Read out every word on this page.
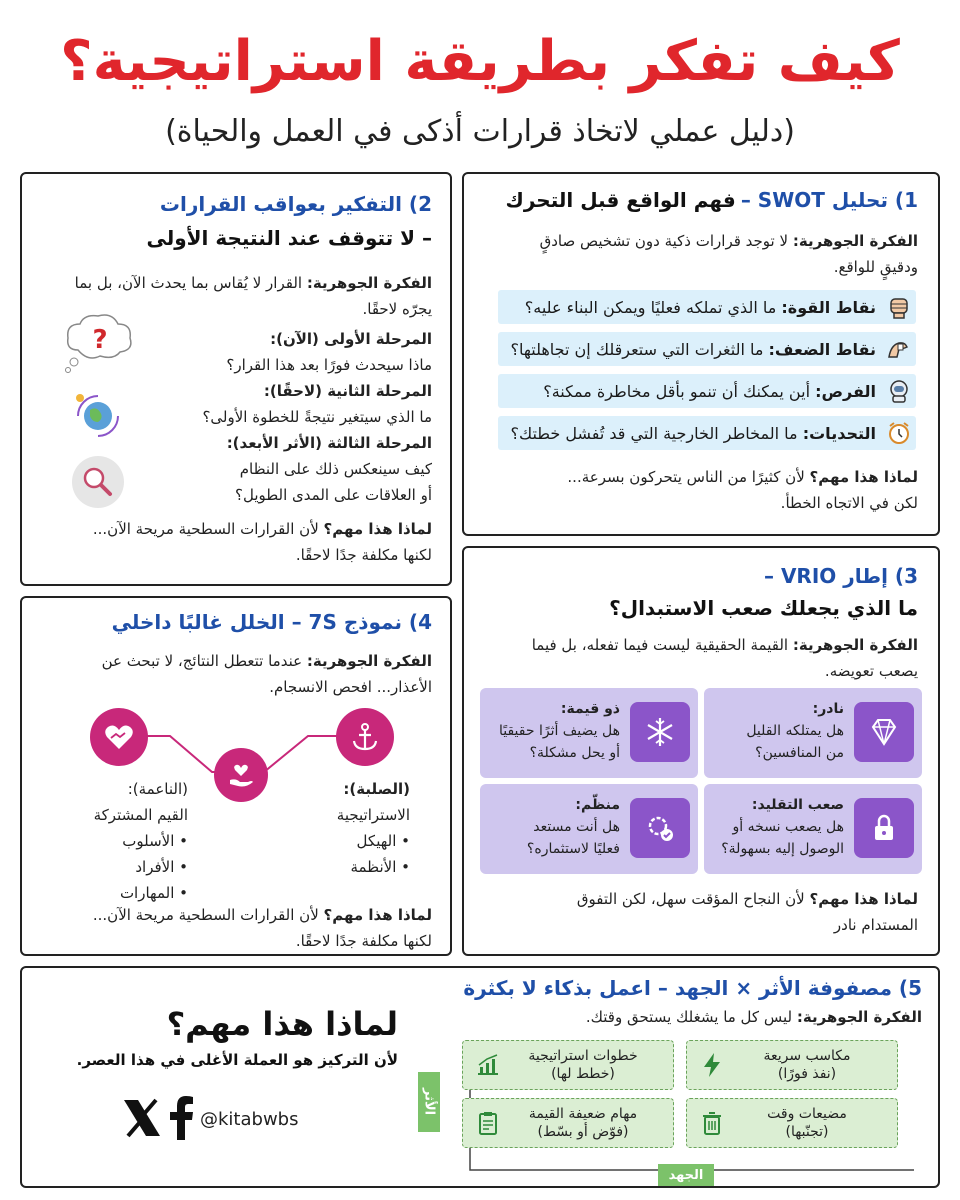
كيف تفكر بطريقة استراتيجية؟
(دليل عملي لاتخاذ قرارات أذكى في العمل والحياة)
1) تحليل SWOT – فهم الواقع قبل التحرك
الفكرة الجوهرية: لا توجد قرارات ذكية دون تشخيص صادقٍ
ودقيقٍ للواقع.
نقاط القوة: ما الذي تملكه فعليًا ويمكن البناء عليه؟
نقاط الضعف: ما الثغرات التي ستعرقلك إن تجاهلتها؟
الفرص: أين يمكنك أن تنمو بأقل مخاطرة ممكنة؟
التحديات: ما المخاطر الخارجية التي قد تُفشل خطتك؟
لماذا هذا مهم؟ لأن كثيرًا من الناس يتحركون بسرعة...
لكن في الاتجاه الخطأ.
2) التفكير بعواقب القرارات
– لا تتوقف عند النتيجة الأولى
الفكرة الجوهرية: القرار لا يُقاس بما يحدث الآن، بل بما
يجرّه لاحقًا.
المرحلة الأولى (الآن):
ماذا سيحدث فورًا بعد هذا القرار؟
المرحلة الثانية (لاحقًا):
ما الذي سيتغير نتيجةً للخطوة الأولى؟
المرحلة الثالثة (الأثر الأبعد):
كيف سينعكس ذلك على النظام
أو العلاقات على المدى الطويل؟
?
لماذا هذا مهم؟ لأن القرارات السطحية مريحة الآن...
لكنها مكلفة جدًا لاحقًا.
3) إطار VRIO –
ما الذي يجعلك صعب الاستبدال؟
الفكرة الجوهرية: القيمة الحقيقية ليست فيما تفعله، بل فيما
يصعب تعويضه.
نادر:
هل يمتلكه القليل
من المنافسين؟
ذو قيمة:
هل يضيف أثرًا حقيقيًا
أو يحل مشكلة؟
صعب التقليد:
هل يصعب نسخه أو
الوصول إليه بسهولة؟
منظّم:
هل أنت مستعد
فعليًا لاستثماره؟
لماذا هذا مهم؟ لأن النجاح المؤقت سهل، لكن التفوق
المستدام نادر
4) نموذج 7S – الخلل غالبًا داخلي
الفكرة الجوهرية: عندما تتعطل النتائج، لا تبحث عن
الأعذار... افحص الانسجام.
(الصلبة):
الاستراتيجية
• الهيكل
• الأنظمة
(الناعمة):
القيم المشتركة
• الأسلوب
• الأفراد
• المهارات
لماذا هذا مهم؟ لأن القرارات السطحية مريحة الآن...
لكنها مكلفة جدًا لاحقًا.
5) مصفوفة الأثر × الجهد – اعمل بذكاء لا بكثرة
الفكرة الجوهرية: ليس كل ما يشغلك يستحق وقتك.
الأثر
الجهد
مكاسب سريعة
(نفذ فورًا)
خطوات استراتيجية
(خطط لها)
مضيعات وقت
(تجنّبها)
مهام ضعيفة القيمة
(فوّض أو بسّط)
لماذا هذا مهم؟
لأن التركيز هو العملة الأغلى في هذا العصر.
@kitabwbs
